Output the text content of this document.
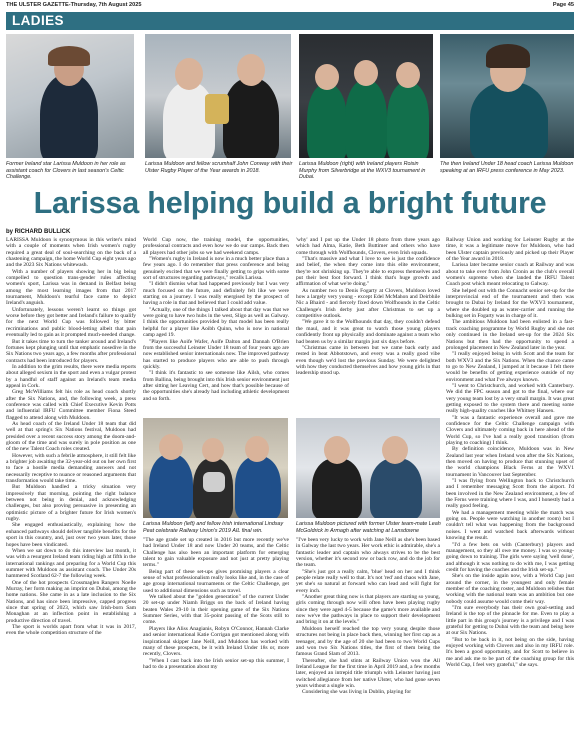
THE ULSTER GAZETTE-Thursday, 7th August 2025	Page 45
LADIES
Former Ireland star Larissa Muldoon in her role as assistant coach for Clovers in last season's Celtic Challenge.
Larissa Muldoon and fellow scrumhalf John Conway with their Ulster Rugby Player of the Year awards in 2018.
Larissa Muldoon (right) with Ireland players Roisin Murphy from Silverbridge at the WXV3 tournament in Dubai.
The then Ireland Under 18 head coach Larissa Muldoon speaking at an IRFU press conference in May 2023.
Larissa Muldoon (left) and fellow Irish international Lindsay Peat celebrate Railway Union's 2019 AIL final win.
Larissa Muldoon pictured with former Ulster team-mate Leah McGoldrick in Armagh after watching at Lansdowne
Larissa helping build a bright future
by RICHARD BULLICK

LARISSA Muldoon is synonymous in this writer's mind with a couple of moments when Irish women's rugby required a great deal of soul-searching on the back of a chastening campaign, the home World Cup eight years ago and the 2023 Six Nations whitewash.

With a number of players showing her in big being compelled to question trans-gender rules affecting women's sport, Larissa was in demand in Belfast being among the most learning images from that 2017 tournament, Muldoon's tearful face came to depict Ireland's anguish.

Unfortunately, lessons weren't learnt so things got worse before they got better and Ireland's failure to qualify for the next World Cup was followed by bitter recriminations and public blood-letting albeit that pain eventually led to gain as it prompted much-needed change.

But it takes time to turn the tanker around and Ireland's fortunes kept plunging until that emphatic nosedive in the Six Nations two years ago, a few months after professional contracts had been introduced for players.

In addition to the grim results, there were media reports about alleged sexism in the sport and even a vulgar protest by a handful of staff against an Ireland's team media appeal in Cork.

Greg McWilliams felt his role as head coach shortly after the Six Nations, and, the following week, a press conference was called with Chief Executive Kevin Potts and influential IRFU Committee member Fiona Steed flagged to attend along with Muldoon.

As head coach of the Ireland Under 18 team that did well at that spring's Six Nations festival, Muldoon had presided over a recent success story among the doom-and-gloom of the time and was surely in pole position as one of the new Talent Coach roles created.

However, with such a febrile atmosphere, it still felt like a brighter job awaiting the 32-year-old out on her own first to face a hostile media demanding answers and not necessarily receptive to nuance or reasoned arguments that transformation would take time.

But Muldoon handled a tricky situation very impressively that morning, pointing the right balance between not being in denial, and acknowledging challenges, but also proving persuasive in presenting an optimistic picture of a brighter future for Irish women's rugby.

She engaged enthusiastically, explaining how the enhanced pathways should deliver tangible benefits for the sport in this country, and, just over two years later, those hopes have been vindicated.

When we sat down to do this interview last month, it was with a resurgent Ireland team riding high at fifth in the international rankings and preparing for a World Cup this summer with Muldoon as assistant coach. The Under 20s hammered Scotland 62-7 the following week.

One of the hot prospects Crossmaglen Rangers Noelle Murray, her form making an imprint on Dubai, among the home nations. She came in as a late inclusion to the Six Nations, and has since been impressive, capped progress since that spring of 2023, which saw Irish-born Sam Monaghan at an inflection point in establishing a productive direction of travel.

The sport is worlds apart from what it was in 2017, even the whole competition structure of the

World Cup now, the training model, the opportunities, professional contracts and even how we do our camps. Back then all players had other jobs so we had weekend camps.

"Women's rugby in Ireland is now in a much better place than a few years ago. I do remember that press conference and being genuinely excited that we were finally getting to grips with some sort of structures regarding pathways," recalls Larissa.

"I didn't dismiss what had happened previously but I was very much focused on the future, and definitely felt like we were starting on a journey. I was really energised by the prospect of having a role in that and believed that I could add value.

"Actually, one of the things I talked about that day was that we were going to have two hubs in the west, Sligo as well as Galway. I think the opportunities provided by that model has been really helpful for a player like Aoibh Quinn, who is now in national camp aged 19.

"Players like Aoife Wafer, Aoife Dalton and Dannah O'Brien from the successful Leinster Under 18 team of four years ago are now established senior internationals now. The improved pathway has started to produce players who are able to push through quickly.

"I think it's fantastic to see someone like Ailsh, who comes from Ballina, being brought into this Irish senior environment just after sitting her Leaving Cert, and how that's possible because of the opportunities she's already had including athletic development and so forth.

'why' and I put up the Under 18 photo from three years ago which had Alma, Katie, Beth Buttimer and others who have come through with Wolfhounds, Clovers, even Irish squads.

"That's massive and what I love to see is just the confidence and belief, the when they come into this elite environment, they're not shrinking up. They're able to express themselves and put their best foot forward. I think that's huge growth and affirmation of what we're doing."

As number two to Denis Fogarty at Clovers, Muldoon loved how a largely very young - except Edel McMahon and Deirbhile Nic a Bhaird - and fiercely fixed down Wolfhounds in the Celtic Challenge's Irish derby just after Christmas to set up a competitive outlook.

"We gave it to the Wolfhounds that day, they couldn't defend the maul, and it was great to watch those young players confidently front up physically and dominate against a team who had beaten us by a similar margin just six days before.

"Christmas came in between but we came back early and rested in beat Abbotstown, and every was a really good vibe even though we'd lost the previous Sunday. We were delighted with how they conducted themselves and how young girls in that leadership stood up.

"The age grade set up created in 2016 but more recently we've had Ireland Under 18 and now Under 20 teams, and the Celtic Challenge has also been an important platform for emerging talent to gain valuable exposure and not just at pretty playing terms."

Being part of these set-ups gives promising players a clear sense of what professionalism really looks like and, in the case of age group international tournaments or the Celtic Challenge, get used to additional dimensions such as travel.

We talked about the "golden generation" of the current Under 20 set-up under Niamh Briggs on the back of Ireland having beaten Wales 29-10 in their opening game of the Six Nations Summer Series, with that 35-point passing of the Scots still to come.

Players like Aliss Anagianis, Robyn O'Connor, Hannah Clarke and senior international Katie Corrigan got mentioned along with inspirational skipper Jane Neill, and Muldoon has worked with many of these prospects, be it with Ireland Under 18s or, more recently, Clovers.

"When I cast back into the Irish senior set-up this summer, I had to do a presentation about my

"I've been very lucky to work with Jane Neill as she's been based in Galway the last two years. Her work ethic is admirable, she's a fantastic leader and captain who always strives to be the best version, whether it's second row or back row, and do the job for the team.

"She's just got a really calm, 'blue' head on her and I think people relate really well to that. It's not 'red' and chaos with Jane, yet she's so natural at forward who can lead and will fight for every inch.

"Another great thing now is that players are starting so young, girls coming through now will often have been playing rugby since they were aged 4-5 because the game's more available and now we've the pathways in place to support their development and bring it on at the levels."

Muldoon herself reached the top very young despite those structures not being in place back then, winning her first cap as a teenager, and by the age of 20 she had been to two World Cups and won two Six Nations titles, the first of them being the famous Grand Slam of 2013.

Thereafter, she had stints at Railway Union won the All Ireland League for the first time in April 2019 and, a few months later, enjoyed an intrepid title triumph with Leinster having just switched allegiance from her native Ulster, who had gone seven years without a single win.

Considering she was living in Dublin, playing for

Railway Union and working for Leinster Rugby at the time, it was a legitimate move for Muldoon, who had been Ulster captain previously and picked up their Player of the Year award in 2018.

Larissa later became senior coach at Railway and was about to take over from John Cronin as the club's overall women's supremo when she landed the IRFU Talent Coach post which meant relocating to Galway.

She helped out with the Connacht senior set-up for the interprovincial end of the tournament and then was brought to Dubai by Ireland for the WXV3 tournament, where she doubled up as water-carrier and running the bulking set in Fogarty was in charge of it.

The ambitious Muldoon had been enlisted in a fast-track coaching programme by World Rugby and she not only continued in the Ireland set-up for the 2024 Six Nations but then had the opportunity to spend a prolonged placement in New Zealand later in the year.

"I really enjoyed being in with Scott and the team for both WXV3 and the Six Nations. When the chance came to go to New Zealand, I jumped at it because I felt there would be benefits of getting experience outside of my environment and what I've always known.

"I went to Christchurch, and worked with Canterbury. We did the FPC season and got to the final, where our very young team lost by a very small margin. It was great getting exposed to the system there and meeting some really high-quality coaches like Whitney Hansen.

"It was a fantastic experience overall and gave me confidence for the Celtic Challenge campaign with Clovers and ultimately coming back in here ahead of the World Cup, so I've had a really good transition (from playing to coaching) I think.

By definition coincidence, Muldoon was in New Zealand last year when Ireland won after the Six Nations, then moved on having to produce that stunning upset of the world champions Black Ferns at the WXV1 tournament in Vancouver last September.

"I was flying from Wellington back to Christchurch and I remember messaging Scott from the airport. I'd been involved in the New Zealand environment, a few of the Ferns were training where I was, and I honestly had a really good feeling.

We had a management meeting while the match was going on. People were watching in another room) but I couldn't tell what was happening from the background noises. I went and watched back afterwards without knowing the result.

"I'd a few bets on with (Canterbury) players and management, so they all owe me money. I was so young-going down to training. The girls were saying 'well done', and although it was nothing to do with me, I was getting credit for having the coaches and the Irish set-up."

She's on the inside again now, with a World Cup just around the corner, in the youngest and only female member of the coaching roster, and Muldoon relishes that working with the national team was an ambition but one nobody could assume would come their way.

"I'm sure everybody has their own goal-setting and Ireland is the top of the pinnacle for me. Even to play a little part in this group's journey is a privilege and I was grateful for getting to Dubai with the team and being here at our Six Nations.

"But to be back in it, not being on the side, having enjoyed working with Clovers and also in my IRFU role. It's been a good opportunity, and for Scott to believe in me and ask me to be part of the coaching group for this World Cup, I feel very grateful," she says.
